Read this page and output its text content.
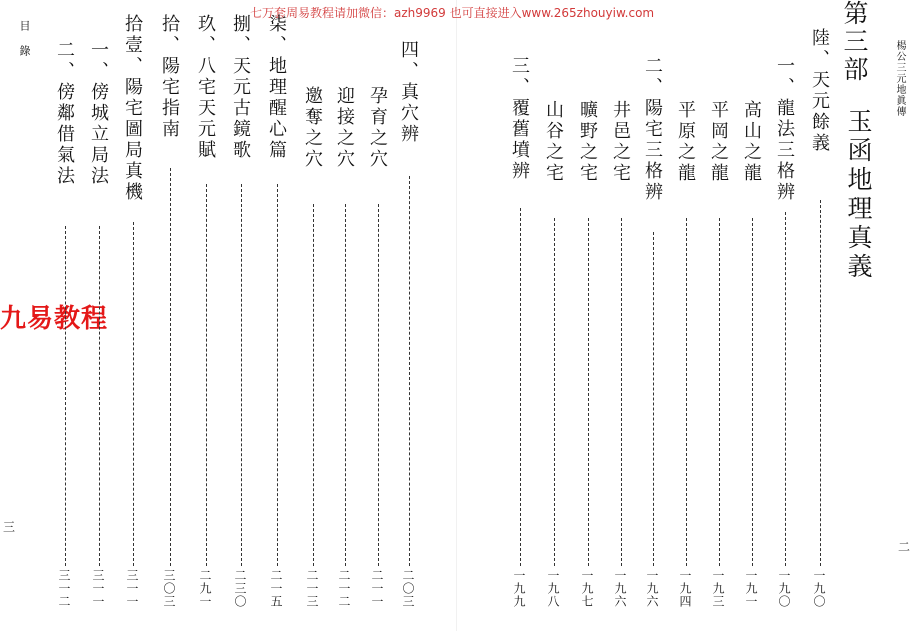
七万套周易教程请加微信：azh9969 也可直接进入www.265zhouyiw.com
九易教程
目錄
三
四、真穴辨
二〇三
孕育之穴
二一一
迎接之穴
二一二
邀奪之穴
二一三
柒、地理醒心篇
二一五
捌、天元古鏡歌
二三〇
玖、八宅天元賦
二九一
拾、陽宅指南
三〇三
拾壹、陽宅圖局真機
三一一
一、傍城立局法
三一一
二、傍鄰借氣法
三一二
楊公三元地眞傳
二
第三部
玉函地理真義
陸、天元餘義
一九〇
一、龍法三格辨
一九〇
高山之龍
一九一
平岡之龍
一九三
平原之龍
一九四
二、陽宅三格辨
一九六
井邑之宅
一九六
曠野之宅
一九七
山谷之宅
一九八
三、覆舊墳辨
一九九
